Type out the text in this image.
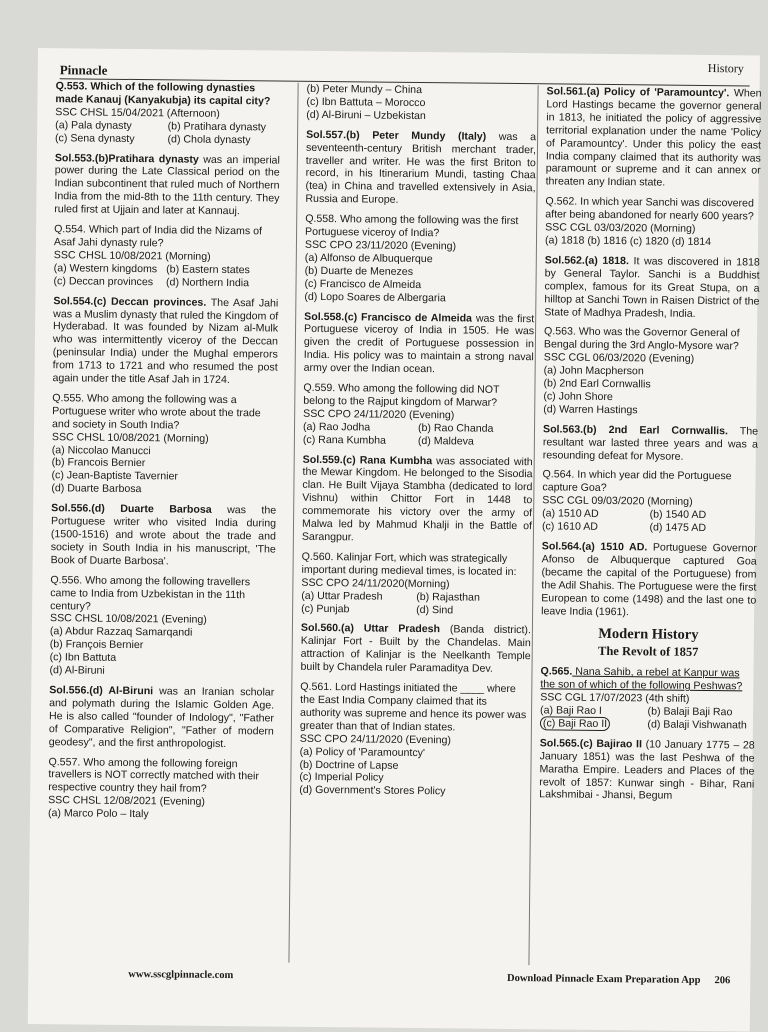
Pinnacle	History

Q.553. Which of the following dynasties made Kanauj (Kanyakubja) its capital city?

SSC CHSL 15/04/2021 (Afternoon)

(a) Pala dynasty	(b) Pratihara dynasty
(c) Sena dynasty	(d) Chola dynasty

Sol.553.(b)Pratihara dynasty was an imperial power during the Late Classical period on the Indian subcontinent that ruled much of Northern India from the mid-8th to the 11th century. They ruled first at Ujjain and later at Kannauj.

Q.554. Which part of India did the Nizams of Asaf Jahi dynasty rule?

SSC CHSL 10/08/2021 (Morning)

(a) Western kingdoms (b) Eastern states
(c) Deccan provinces	(d) Northern India

Sol.554.(c) Deccan provinces. The Asaf Jahi was a Muslim dynasty that ruled the Kingdom of Hyderabad. It was founded by Nizam al-Mulk who was intermittently viceroy of the Deccan (peninsular India) under the Mughal emperors from 1713 to 1721 and who resumed the post again under the title Asaf Jah in 1724.

Q.555. Who among the following was a Portuguese writer who wrote about the trade and society in South India?

SSC CHSL 10/08/2021 (Morning)

(a) Niccolao Manucci

(b) Francois Bernier

(c) Jean-Baptiste Tavernier

(d) Duarte Barbosa

Sol.556.(d) Duarte Barbosa was the Portuguese writer who visited India during (1500-1516) and wrote about the trade and society in South India in his manuscript, 'The Book of Duarte Barbosa'.

Q.556. Who among the following travellers came to India from Uzbekistan in the 11th century?

SSC CHSL 10/08/2021 (Evening)

(a) Abdur Razzaq Samarqandi

(b) François Bernier

(c) Ibn Battuta

(d) Al-Biruni

Sol.556.(d) Al-Biruni was an Iranian scholar and polymath during the Islamic Golden Age. He is also called "founder of Indology", "Father of Comparative Religion", "Father of modern geodesy", and the first anthropologist.

Q.557. Who among the following foreign travellers is NOT correctly matched with their respective country they hail from?

SSC CHSL 12/08/2021 (Evening)

(a) Marco Polo – Italy

(b) Peter Mundy – China

(c) Ibn Battuta – Morocco

(d) Al-Biruni – Uzbekistan

Sol.557.(b) Peter Mundy (Italy) was a seventeenth-century British merchant trader, traveller and writer. He was the first Briton to record, in his Itinerarium Mundi, tasting Chaa (tea) in China and travelled extensively in Asia, Russia and Europe.

Q.558. Who among the following was the first Portuguese viceroy of India?

SSC CPO 23/11/2020 (Evening)

(a) Alfonso de Albuquerque

(b) Duarte de Menezes

(c) Francisco de Almeida

(d) Lopo Soares de Albergaria

Sol.558.(c) Francisco de Almeida was the first Portuguese viceroy of India in 1505. He was given the credit of Portuguese possession in India. His policy was to maintain a strong naval army over the Indian ocean.

Q.559. Who among the following did NOT belong to the Rajput kingdom of Marwar?

SSC CPO 24/11/2020 (Evening)

(a) Rao Jodha	(b) Rao Chanda
(c) Rana Kumbha	(d) Maldeva

Sol.559.(c) Rana Kumbha was associated with the Mewar Kingdom. He belonged to the Sisodia clan. He Built Vijaya Stambha (dedicated to lord Vishnu) within Chittor Fort in 1448 to commemorate his victory over the army of Malwa led by Mahmud Khalji in the Battle of Sarangpur.

Q.560. Kalinjar Fort, which was strategically important during medieval times, is located in:

SSC CPO 24/11/2020(Morning)

(a) Uttar Pradesh	(b) Rajasthan
(c) Punjab	(d) Sind

Sol.560.(a) Uttar Pradesh (Banda district). Kalinjar Fort - Built by the Chandelas. Main attraction of Kalinjar is the Neelkanth Temple built by Chandela ruler Paramaditya Dev.

Q.561. Lord Hastings initiated the ____ where the East India Company claimed that its authority was supreme and hence its power was greater than that of Indian states.

SSC CPO 24/11/2020 (Evening)

(a) Policy of 'Paramountcy'

(b) Doctrine of Lapse

(c) Imperial Policy

(d) Government's Stores Policy

Sol.561.(a) Policy of 'Paramountcy'. When Lord Hastings became the governor general in 1813, he initiated the policy of aggressive territorial explanation under the name 'Policy of Paramountcy'. Under this policy the east India company claimed that its authority was paramount or supreme and it can annex or threaten any Indian state.

Q.562. In which year Sanchi was discovered after being abandoned for nearly 600 years?

SSC CGL 03/03/2020 (Morning)

(a) 1818 (b) 1816 (c) 1820 (d) 1814

Sol.562.(a) 1818. It was discovered in 1818 by General Taylor. Sanchi is a Buddhist complex, famous for its Great Stupa, on a hilltop at Sanchi Town in Raisen District of the State of Madhya Pradesh, India.

Q.563. Who was the Governor General of Bengal during the 3rd Anglo-Mysore war?

SSC CGL 06/03/2020 (Evening)

(a) John Macpherson

(b) 2nd Earl Cornwallis

(c) John Shore

(d) Warren Hastings

Sol.563.(b) 2nd Earl Cornwallis. The resultant war lasted three years and was a resounding defeat for Mysore.

Q.564. In which year did the Portuguese capture Goa?

SSC CGL 09/03/2020 (Morning)

(a) 1510 AD	(b) 1540 AD
(c) 1610 AD	(d) 1475 AD

Sol.564.(a) 1510 AD. Portuguese Governor Afonso de Albuquerque captured Goa (became the capital of the Portuguese) from the Adil Shahis. The Portuguese were the first European to come (1498) and the last one to leave India (1961).

Modern History
The Revolt of 1857

Q.565. Nana Sahib, a rebel at Kanpur was the son of which of the following Peshwas?

SSC CGL 17/07/2023 (4th shift)

(a) Baji Rao I	(b) Balaji Baji Rao
(c) Baji Rao II	(d) Balaji Vishwanath

Sol.565.(c) Bajirao II (10 January 1775 – 28 January 1851) was the last Peshwa of the Maratha Empire. Leaders and Places of the revolt of 1857: Kunwar singh - Bihar, Rani Lakshmibai - Jhansi, Begum

www.sscglpinnacle.com	Download Pinnacle Exam Preparation App 206
